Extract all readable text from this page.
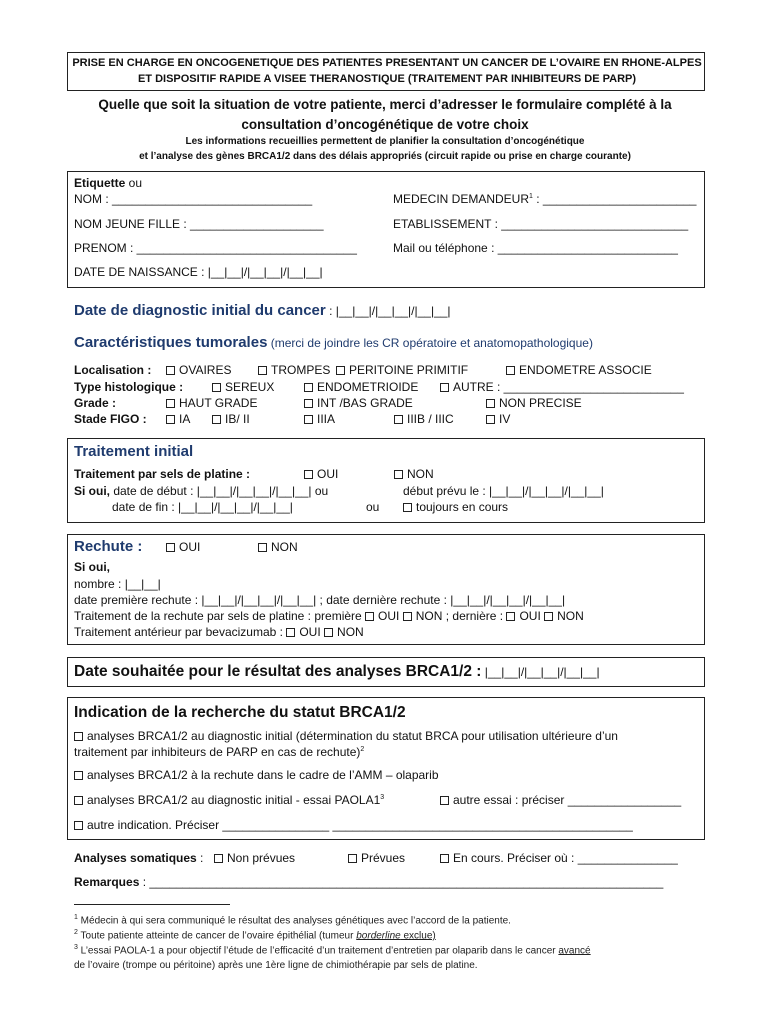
PRISE EN CHARGE EN ONCOGENETIQUE DES PATIENTES PRESENTANT UN CANCER DE L’OVAIRE EN RHONE-ALPES
ET DISPOSITIF RAPIDE A VISEE THERANOSTIQUE (TRAITEMENT PAR INHIBITEURS DE PARP)
Quelle que soit la situation de votre patiente, merci d’adresser le formulaire complété à la
consultation d’oncogénétique de votre choix
Les informations recueillies permettent de planifier la consultation d’oncogénétique
et l’analyse des gènes BRCA1/2 dans des délais appropriés (circuit rapide ou prise en charge courante)
Etiquette ou
NOM : ______________________________	MEDECIN DEMANDEUR$^1$ : _______________________
NOM JEUNE FILLE : ____________________	ETABLISSEMENT : ____________________________
PRENOM : _________________________________	Mail ou téléphone : ___________________________
DATE DE NAISSANCE : |__|__|/|__|__|/|__|__|
Date de diagnostic initial du cancer : |__|__|/|__|__|/|__|__|
Caractéristiques tumorales (merci de joindre les CR opératoire et anatomopathologique)
Localisation :	OVAIRES	TROMPES	PERITOINE PRIMITIF	ENDOMETRE ASSOCIE
Type histologique :	SEREUX	ENDOMETRIOIDE	AUTRE : ___________________________
Grade :	HAUT GRADE	INT /BAS GRADE	NON PRECISE
Stade FIGO :	IA	IB/ II	IIIA	IIIB / IIIC	IV
Traitement initial
Traitement par sels de platine :	OUI	NON
Si oui, date de début : |__|__|/|__|__|/|__|__| ou	début prévu le : |__|__|/|__|__|/|__|__|
date de fin : |__|__|/|__|__|/|__|__|	ou	toujours en cours
Rechute :	OUI	NON
Si oui,
nombre : |__|__|
date première rechute : |__|__|/|__|__|/|__|__| ; date dernière rechute : |__|__|/|__|__|/|__|__|
Traitement de la rechute par sels de platine : première OUI NON ; dernière : OUI NON
Traitement antérieur par bevacizumab : OUI NON
Date souhaitée pour le résultat des analyses BRCA1/2 : |__|__|/|__|__|/|__|__|
Indication de la recherche du statut BRCA1/2
analyses BRCA1/2 au diagnostic initial (détermination du statut BRCA pour utilisation ultérieure d’un
traitement par inhibiteurs de PARP en cas de rechute)$^2$
analyses BRCA1/2 à la rechute dans le cadre de l’AMM – olaparib
analyses BRCA1/2 au diagnostic initial - essai $PAOLA1^3$	autre essai : préciser _________________
autre indication. Préciser ________________ _____________________________________________
Analyses somatiques :	Non prévues	Prévues	En cours. Préciser où : _______________
Remarques : _____________________________________________________________________________
$^1$ Médecin à qui sera communiqué le résultat des analyses génétiques avec l’accord de la patiente.
$^2$ Toute patiente atteinte de cancer de l’ovaire épithélial (tumeur borderline exclue)
$^3$ L’essai PAOLA-1 a pour objectif l’étude de l’efficacité d’un traitement d’entretien par olaparib dans le cancer avancé
de l’ovaire (trompe ou péritoine) après une 1ère ligne de chimiothérapie par sels de platine.
